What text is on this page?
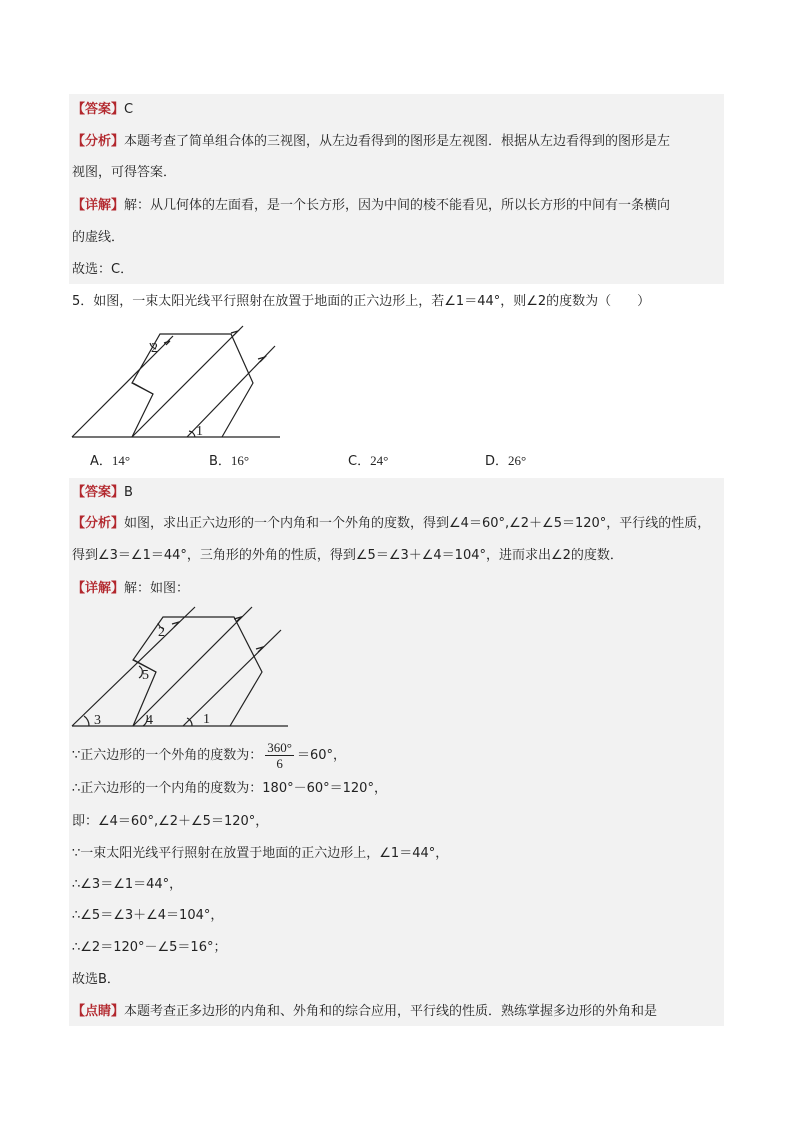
【答案】C
【分析】本题考查了简单组合体的三视图，从左边看得到的图形是左视图．根据从左边看得到的图形是左
视图，可得答案．
【详解】解：从几何体的左面看，是一个长方形，因为中间的棱不能看见，所以长方形的中间有一条横向
的虚线．
故选：C．
5．如图，一束太阳光线平行照射在放置于地面的正六边形上，若∠1＝44°，则∠2的度数为（　　）
1
2
A．14°	B．16°	C．24°	D．26°
【答案】B
【分析】如图，求出正六边形的一个内角和一个外角的度数，得到∠4＝60°,∠2＋∠5＝120°，平行线的性质，
得到∠3＝∠1＝44°，三角形的外角的性质，得到∠5＝∠3＋∠4＝104°，进而求出∠2的度数．
【详解】解：如图：
3	4	1
5
2
∵正六边形的一个外角的度数为： $\frac{360^\circ}{6} =60^\circ$，
∴正六边形的一个内角的度数为：180°－60°＝120°，
即：∠4＝60°,∠2＋∠5＝120°，
∵一束太阳光线平行照射在放置于地面的正六边形上，∠1＝44°，
∴∠3＝∠1＝44°，
∴∠5＝∠3＋∠4＝104°，
∴∠2＝120°－∠5＝16°；
故选B．
【点睛】本题考查正多边形的内角和、外角和的综合应用，平行线的性质．熟练掌握多边形的外角和是
